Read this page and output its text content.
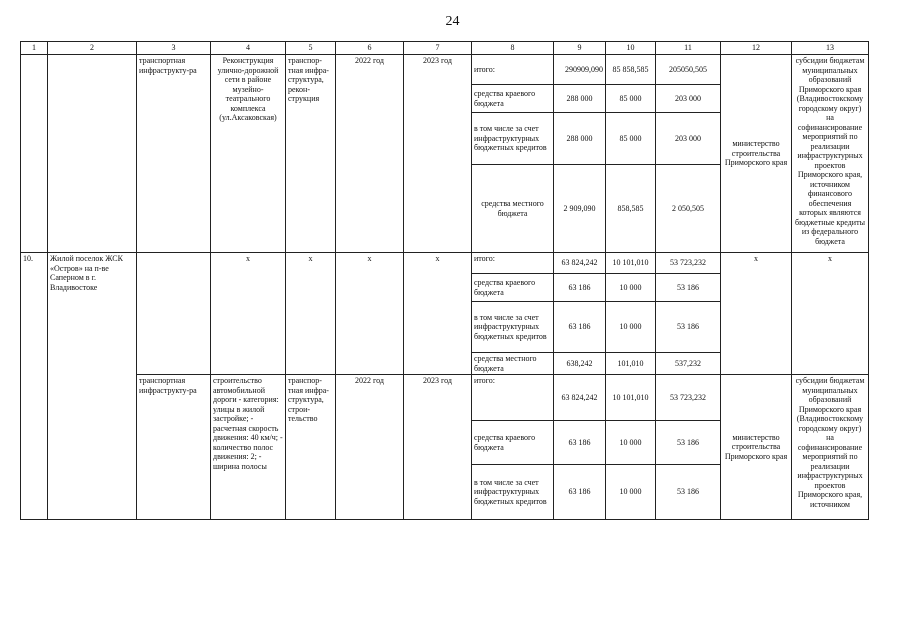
24
1	2	3	4	5	6	7	8	9	10	11	12	13
		транспортная инфраструкту-ра	Реконструкция улично-дорожной сети в районе музейно-театрального комплекса (ул.Аксаковская)	транспор-тная инфра-структура, рекон-струкция	2022 год	2023 год	итого:	290909,090	85 858,585	205050,505	министерство строительства Приморского края	субсидии бюджетам муниципальных образований Приморского края (Владивостокскому городскому округ) на софинансирование мероприятий по реализации инфраструктурных проектов Приморского края, источником финансового обеспечения которых являются бюджетные кредиты из федерального бюджета
							средства краевого бюджета	288 000	85 000	203 000		
							в том числе за счет инфраструктурных бюджетных кредитов	288 000	85 000	203 000		
							средства местного бюджета	2 909,090	858,585	2 050,505		
10.	Жилой поселок ЖСК «Остров» на п-ве Саперном в г. Владивостоке		х	х	х	х	итого:	63 824,242	10 101,010	53 723,232	х	х
							средства краевого бюджета	63 186	10 000	53 186		
							в том числе за счет инфраструктурных бюджетных кредитов	63 186	10 000	53 186		
							средства местного бюджета	638,242	101,010	537,232		
		транспортная инфраструкту-ра	строительство автомобильной дороги - категория: улицы в жилой застройке; - расчетная скорость движения: 40 км/ч; - количество полос движения: 2; - ширина полосы	транспор-тная инфра-структура, строи-тельство	2022 год	2023 год	итого:	63 824,242	10 101,010	53 723,232	министерство строительства Приморского края	субсидии бюджетам муниципальных образований Приморского края (Владивостокскому городскому округ) на софинансирование мероприятий по реализации инфраструктурных проектов Приморского края, источником
							средства краевого бюджета	63 186	10 000	53 186		
							в том числе за счет инфраструктурных бюджетных кредитов	63 186	10 000	53 186		
